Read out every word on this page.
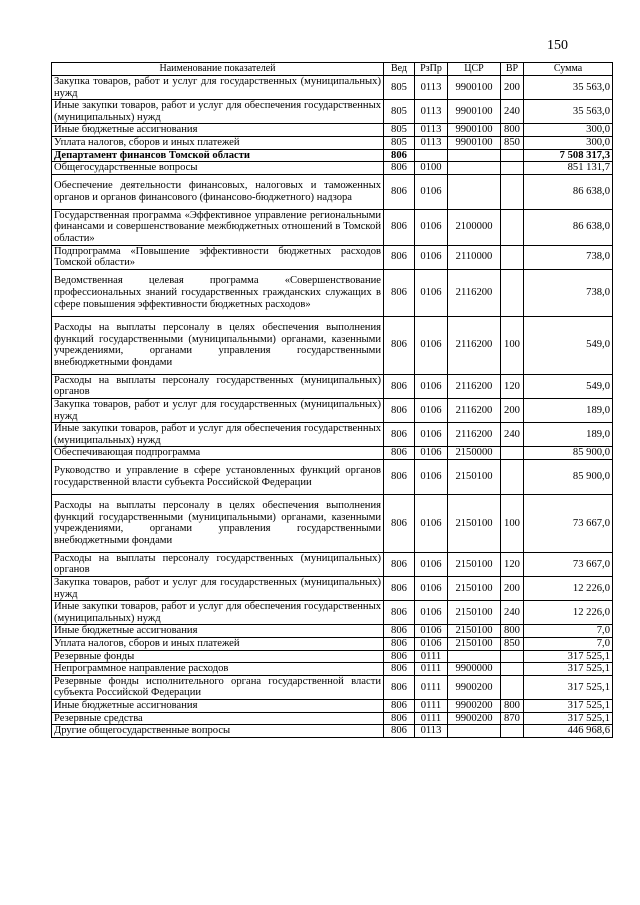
150
Наименование показателей	Вед	РзПр	ЦСР	ВР	Сумма
Закупка товаров, работ и услуг для государственных (муниципальных) нужд	805	0113	9900100	200	35 563,0
Иные закупки товаров, работ и услуг для обеспечения государственных (муниципальных) нужд	805	0113	9900100	240	35 563,0
Иные бюджетные ассигнования	805	0113	9900100	800	300,0
Уплата налогов, сборов и иных платежей	805	0113	9900100	850	300,0
Департамент финансов Томской области	806				7 508 317,3
Общегосударственные вопросы	806	0100			851 131,7
Обеспечение деятельности финансовых, налоговых и таможенных органов и органов финансового (финансово-бюджетного) надзора	806	0106			86 638,0
Государственная программа «Эффективное управление региональными финансами и совершенствование межбюджетных отношений в Томской области»	806	0106	2100000		86 638,0
Подпрограмма «Повышение эффективности бюджетных расходов Томской области»	806	0106	2110000		738,0
Ведомственная целевая программа «Совершенствование профессиональных знаний государственных гражданских служащих в сфере повышения эффективности бюджетных расходов»	806	0106	2116200		738,0
Расходы на выплаты персоналу в целях обеспечения выполнения функций государственными (муниципальными) органами, казенными учреждениями, органами управления государственными внебюджетными фондами	806	0106	2116200	100	549,0
Расходы на выплаты персоналу государственных (муниципальных) органов	806	0106	2116200	120	549,0
Закупка товаров, работ и услуг для государственных (муниципальных) нужд	806	0106	2116200	200	189,0
Иные закупки товаров, работ и услуг для обеспечения государственных (муниципальных) нужд	806	0106	2116200	240	189,0
Обеспечивающая подпрограмма	806	0106	2150000		85 900,0
Руководство и управление в сфере установленных функций органов государственной власти субъекта Российской Федерации	806	0106	2150100		85 900,0
Расходы на выплаты персоналу в целях обеспечения выполнения функций государственными (муниципальными) органами, казенными учреждениями, органами управления государственными внебюджетными фондами	806	0106	2150100	100	73 667,0
Расходы на выплаты персоналу государственных (муниципальных) органов	806	0106	2150100	120	73 667,0
Закупка товаров, работ и услуг для государственных (муниципальных) нужд	806	0106	2150100	200	12 226,0
Иные закупки товаров, работ и услуг для обеспечения государственных (муниципальных) нужд	806	0106	2150100	240	12 226,0
Иные бюджетные ассигнования	806	0106	2150100	800	7,0
Уплата налогов, сборов и иных платежей	806	0106	2150100	850	7,0
Резервные фонды	806	0111			317 525,1
Непрограммное направление расходов	806	0111	9900000		317 525,1
Резервные фонды исполнительного органа государственной власти субъекта Российской Федерации	806	0111	9900200		317 525,1
Иные бюджетные ассигнования	806	0111	9900200	800	317 525,1
Резервные средства	806	0111	9900200	870	317 525,1
Другие общегосударственные вопросы	806	0113			446 968,6
